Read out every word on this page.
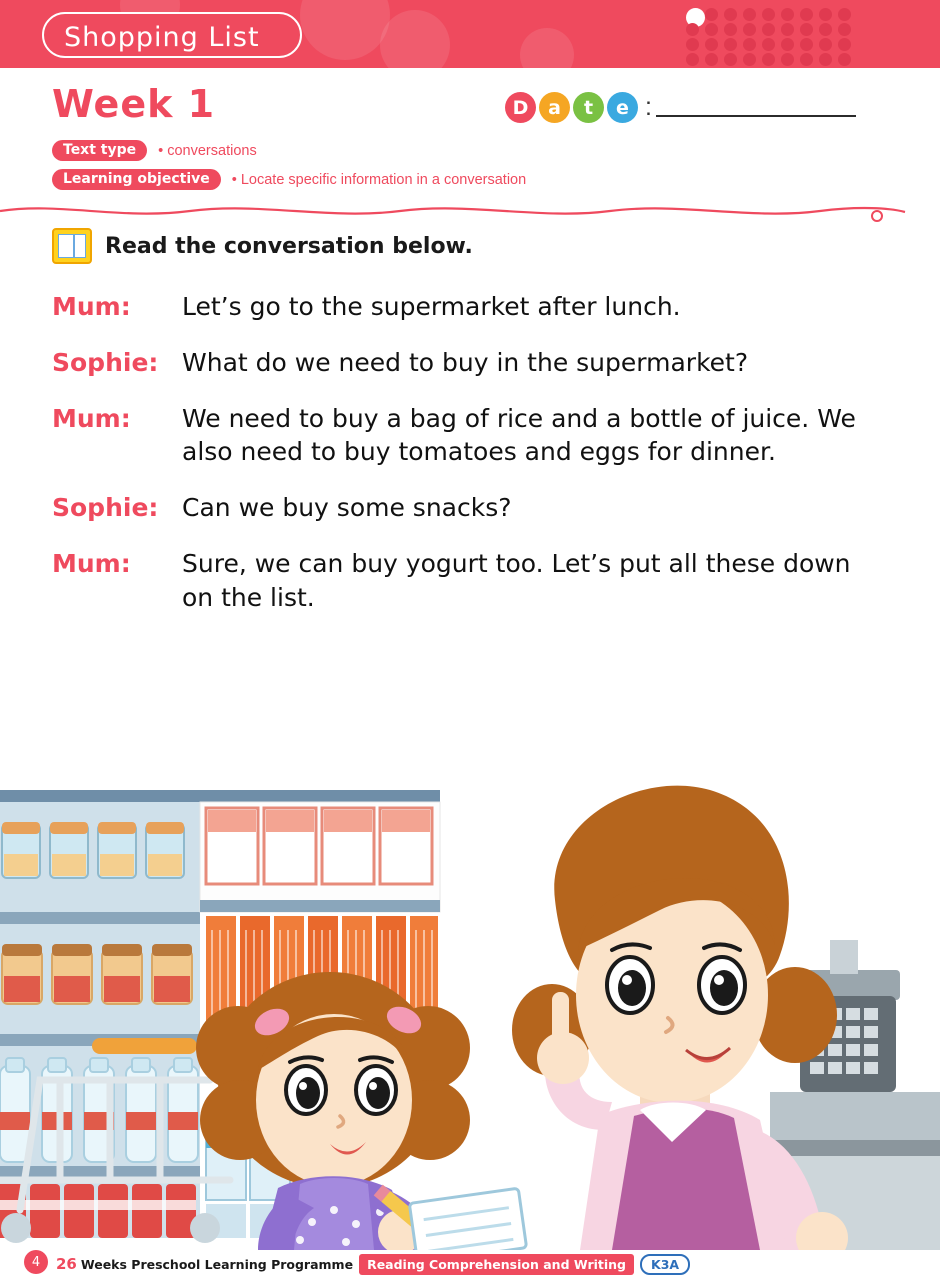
Shopping List
Week 1	D	a	t	e :
Text type	• conversations
Learning objective	• Locate specific information in a conversation
Read the conversation below.
Mum:	Let’s go to the supermarket after lunch.
Sophie: What do we need to buy in the supermarket?
Mum:	We need to buy a bag of rice and a bottle of juice. We also need to buy tomatoes and eggs for dinner.
Sophie: Can we buy some snacks?
Mum:	Sure, we can buy yogurt too. Let’s put all these down on the list.
4	26 Weeks Preschool Learning Programme	Reading Comprehension and Writing	K3A
